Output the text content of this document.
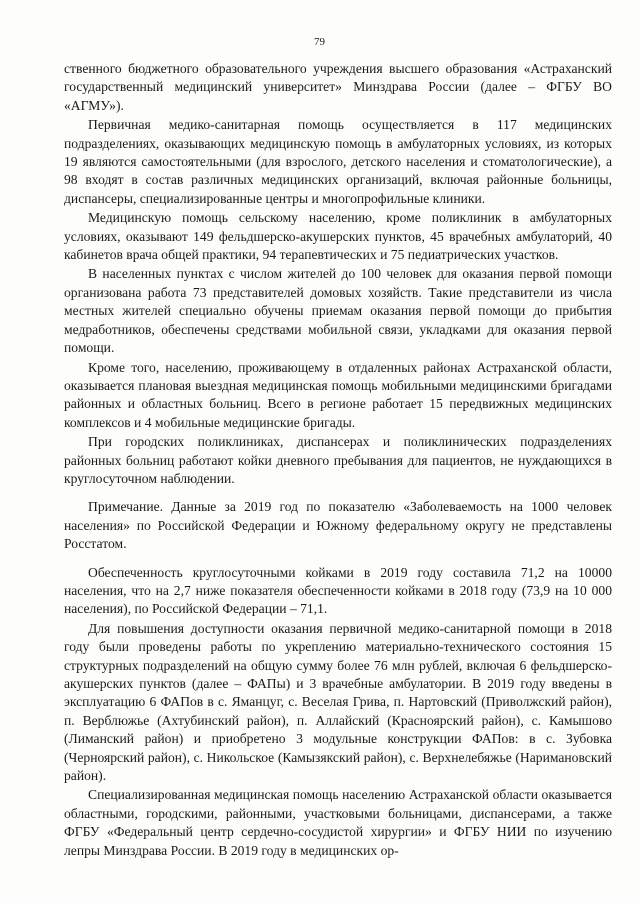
79

ственного бюджетного образовательного учреждения высшего образования «Астраханский государственный медицинский университет» Минздрава России (далее – ФГБУ ВО «АГМУ»).

Первичная медико-санитарная помощь осуществляется в 117 медицинских подразделениях, оказывающих медицинскую помощь в амбулаторных условиях, из которых 19 являются самостоятельными (для взрослого, детского населения и стоматологические), а 98 входят в состав различных медицинских организаций, включая районные больницы, диспансеры, специализированные центры и многопрофильные клиники.

Медицинскую помощь сельскому населению, кроме поликлиник в амбулаторных условиях, оказывают 149 фельдшерско-акушерских пунктов, 45 врачебных амбулаторий, 40 кабинетов врача общей практики, 94 терапевтических и 75 педиатрических участков.

В населенных пунктах с числом жителей до 100 человек для оказания первой помощи организована работа 73 представителей домовых хозяйств. Такие представители из числа местных жителей специально обучены приемам оказания первой помощи до прибытия медработников, обеспечены средствами мобильной связи, укладками для оказания первой помощи.

Кроме того, населению, проживающему в отдаленных районах Астраханской области, оказывается плановая выездная медицинская помощь мобильными медицинскими бригадами районных и областных больниц. Всего в регионе работает 15 передвижных медицинских комплексов и 4 мобильные медицинские бригады.

При городских поликлиниках, диспансерах и поликлинических подразделениях районных больниц работают койки дневного пребывания для пациентов, не нуждающихся в круглосуточном наблюдении.

Примечание. Данные за 2019 год по показателю «Заболеваемость на 1000 человек населения» по Российской Федерации и Южному федеральному округу не представлены Росстатом.

Обеспеченность круглосуточными койками в 2019 году составила 71,2 на 10000 населения, что на 2,7 ниже показателя обеспеченности койками в 2018 году (73,9 на 10 000 населения), по Российской Федерации – 71,1.

Для повышения доступности оказания первичной медико-санитарной помощи в 2018 году были проведены работы по укреплению материально-технического состояния 15 структурных подразделений на общую сумму более 76 млн рублей, включая 6 фельдшерско-акушерских пунктов (далее – ФАПы) и 3 врачебные амбулатории. В 2019 году введены в эксплуатацию 6 ФАПов в с. Яманцуг, с. Веселая Грива, п. Нартовский (Приволжский район), п. Верблюжье (Ахтубинский район), п. Аллайский (Красноярский район), с. Камышово (Лиманский район) и приобретено 3 модульные конструкции ФАПов: в с. Зубовка (Черноярский район), с. Никольское (Камызякский район), с. Верхнелебяжье (Наримановский район).

Специализированная медицинская помощь населению Астраханской области оказывается областными, городскими, районными, участковыми больницами, диспансерами, а также ФГБУ «Федеральный центр сердечно-сосудистой хирургии» и ФГБУ НИИ по изучению лепры Минздрава России. В 2019 году в медицинских ор-
